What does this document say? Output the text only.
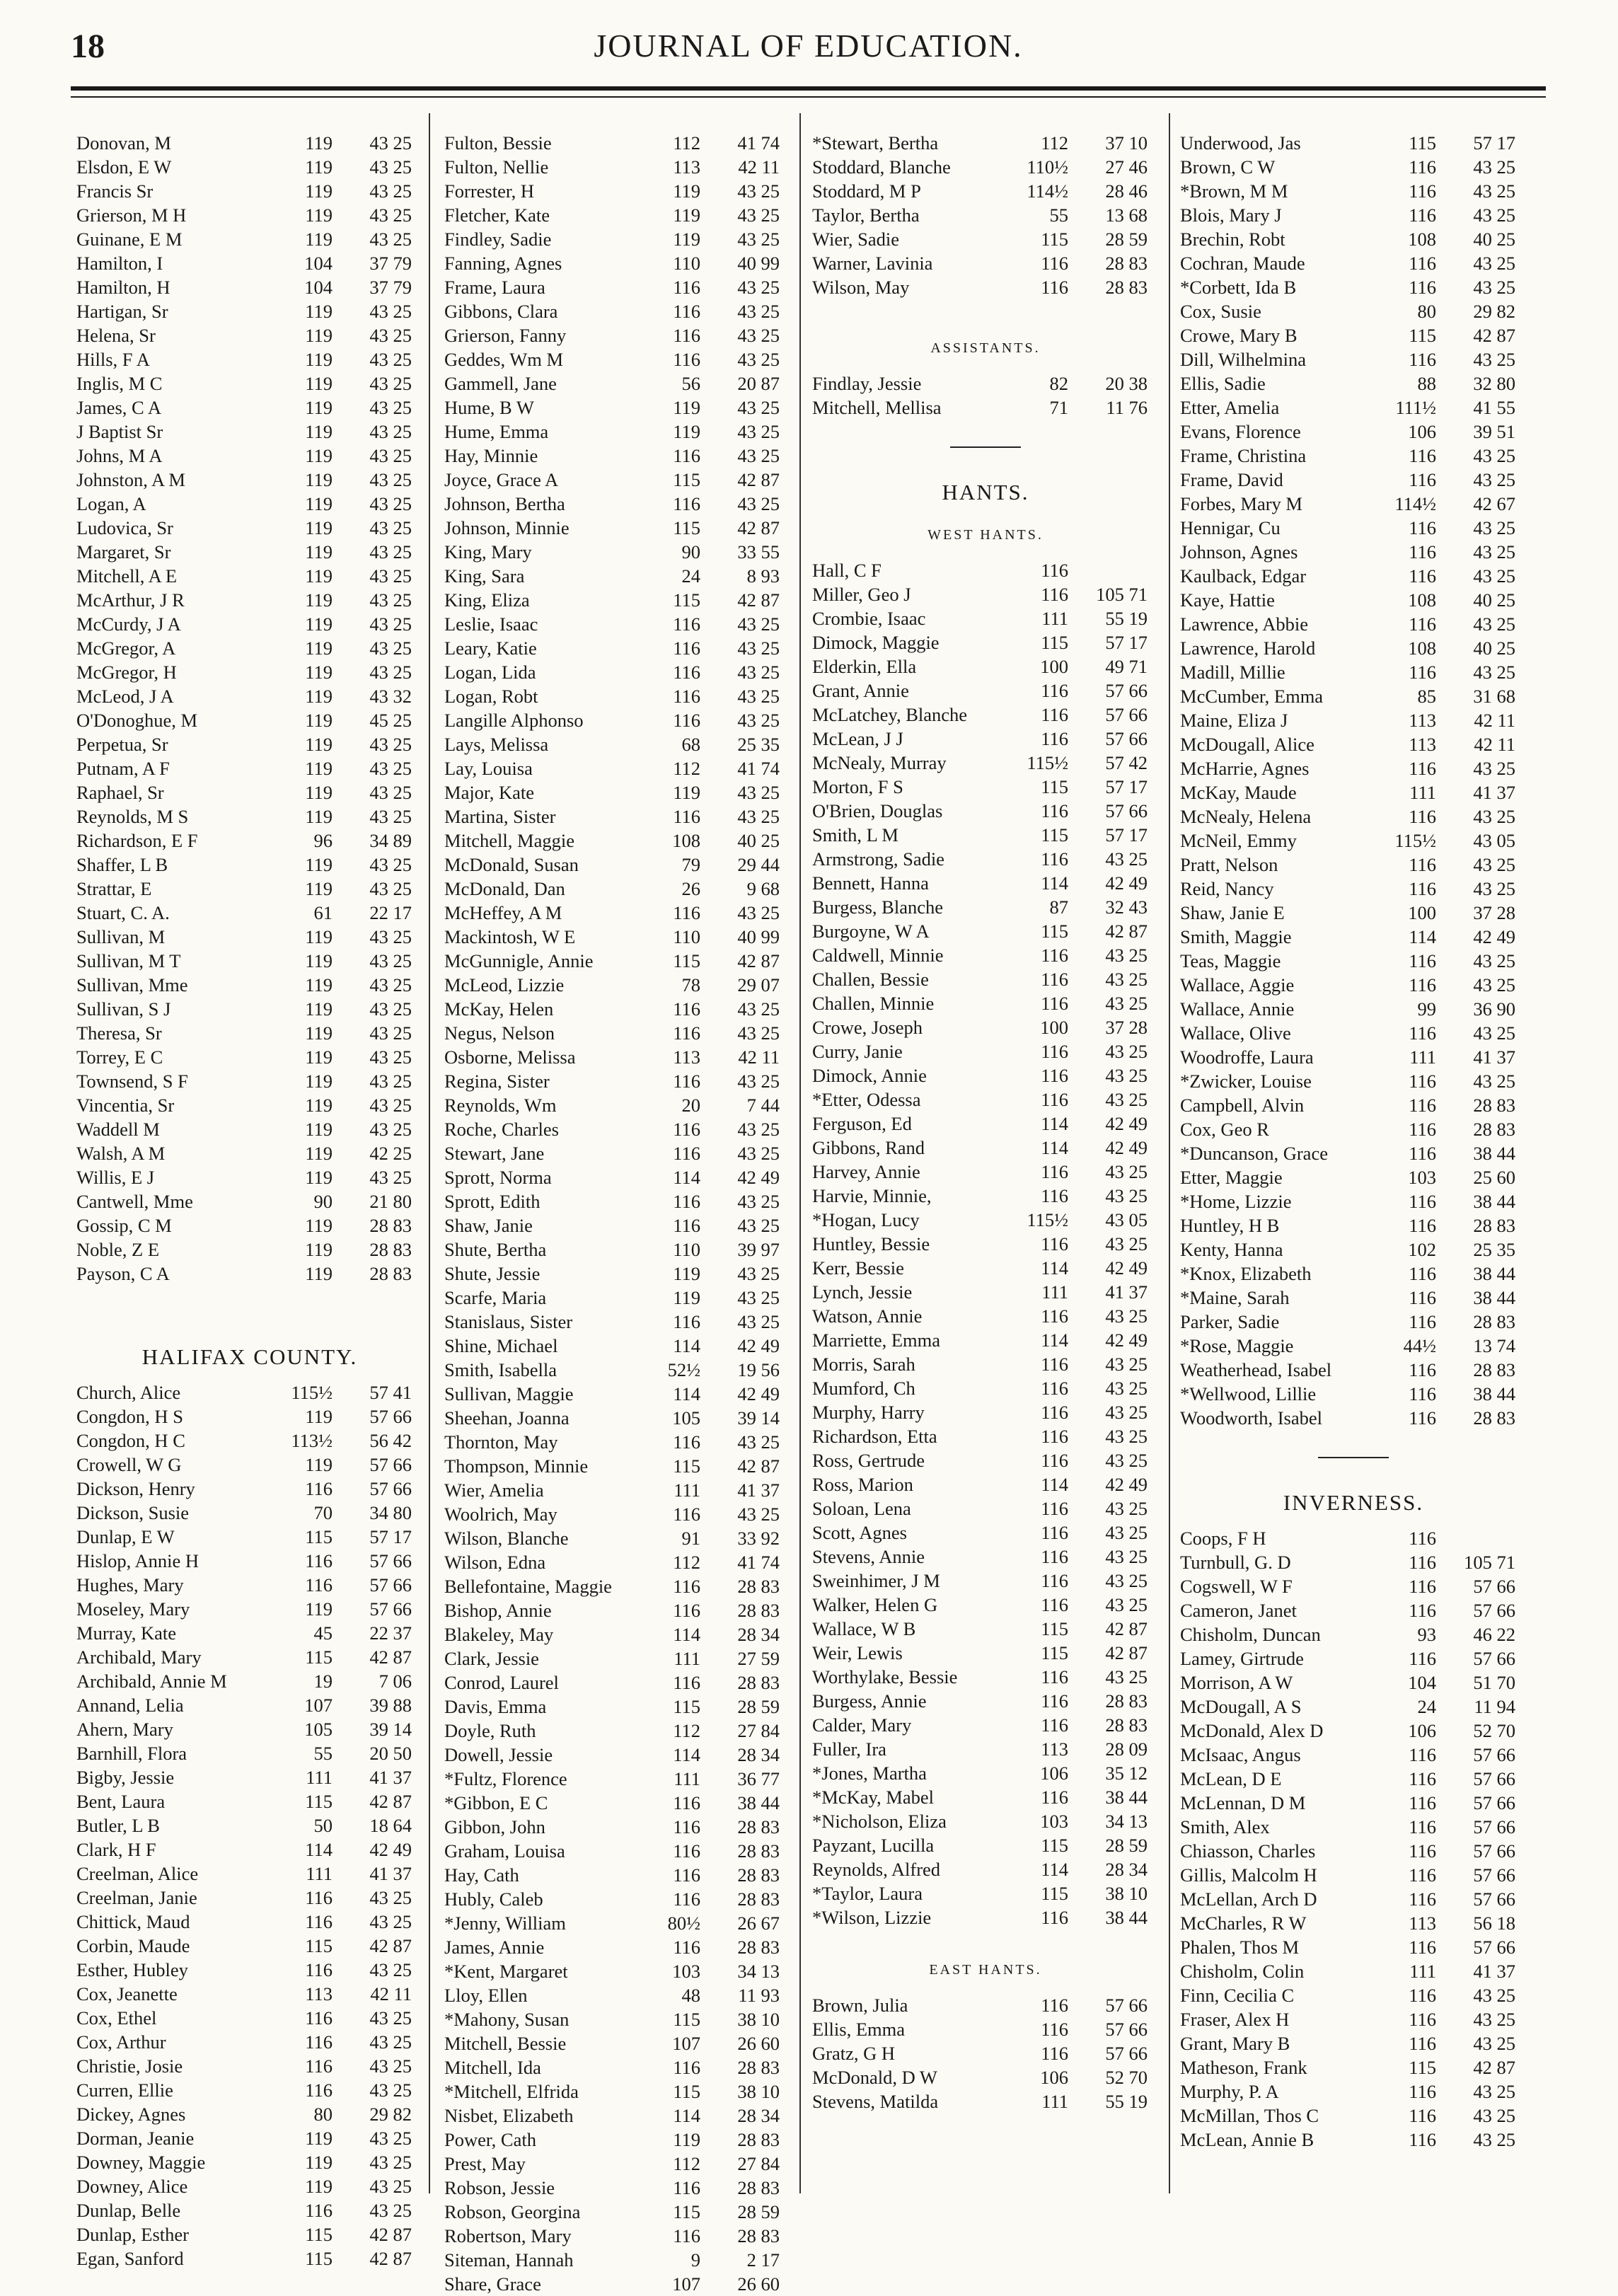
18	JOURNAL OF EDUCATION.
Donovan, M	119	43 25
Elsdon, E W	119	43 25
Francis Sr	119	43 25
Grierson, M H	119	43 25
Guinane, E M	119	43 25
Hamilton, I	104	37 79
Hamilton, H	104	37 79
Hartigan, Sr	119	43 25
Helena, Sr	119	43 25
Hills, F A	119	43 25
Inglis, M C	119	43 25
James, C A	119	43 25
J Baptist Sr	119	43 25
Johns, M A	119	43 25
Johnston, A M	119	43 25
Logan, A	119	43 25
Ludovica, Sr	119	43 25
Margaret, Sr	119	43 25
Mitchell, A E	119	43 25
McArthur, J R	119	43 25
McCurdy, J A	119	43 25
McGregor, A	119	43 25
McGregor, H	119	43 25
McLeod, J A	119	43 32
O'Donoghue, M	119	45 25
Perpetua, Sr	119	43 25
Putnam, A F	119	43 25
Raphael, Sr	119	43 25
Reynolds, M S	119	43 25
Richardson, E F	96	34 89
Shaffer, L B	119	43 25
Strattar, E	119	43 25
Stuart, C. A.	61	22 17
Sullivan, M	119	43 25
Sullivan, M T	119	43 25
Sullivan, Mme	119	43 25
Sullivan, S J	119	43 25
Theresa, Sr	119	43 25
Torrey, E C	119	43 25
Townsend, S F	119	43 25
Vincentia, Sr	119	43 25
Waddell M	119	43 25
Walsh, A M	119	42 25
Willis, E J	119	43 25
Cantwell, Mme	90	21 80
Gossip, C M	119	28 83
Noble, Z E	119	28 83
Payson, C A	119	28 83
HALIFAX COUNTY.
Church, Alice	115½	57 41
Congdon, H S	119	57 66
Congdon, H C	113½	56 42
Crowell, W G	119	57 66
Dickson, Henry	116	57 66
Dickson, Susie	70	34 80
Dunlap, E W	115	57 17
Hislop, Annie H	116	57 66
Hughes, Mary	116	57 66
Moseley, Mary	119	57 66
Murray, Kate	45	22 37
Archibald, Mary	115	42 87
Archibald, Annie M	19	7 06
Annand, Lelia	107	39 88
Ahern, Mary	105	39 14
Barnhill, Flora	55	20 50
Bigby, Jessie	111	41 37
Bent, Laura	115	42 87
Butler, L B	50	18 64
Clark, H F	114	42 49
Creelman, Alice	111	41 37
Creelman, Janie	116	43 25
Chittick, Maud	116	43 25
Corbin, Maude	115	42 87
Esther, Hubley	116	43 25
Cox, Jeanette	113	42 11
Cox, Ethel	116	43 25
Cox, Arthur	116	43 25
Christie, Josie	116	43 25
Curren, Ellie	116	43 25
Dickey, Agnes	80	29 82
Dorman, Jeanie	119	43 25
Downey, Maggie	119	43 25
Downey, Alice	119	43 25
Dunlap, Belle	116	43 25
Dunlap, Esther	115	42 87
Egan, Sanford	115	42 87
Fulton, Bessie	112	41 74
Fulton, Nellie	113	42 11
Forrester, H	119	43 25
Fletcher, Kate	119	43 25
Findley, Sadie	119	43 25
Fanning, Agnes	110	40 99
Frame, Laura	116	43 25
Gibbons, Clara	116	43 25
Grierson, Fanny	116	43 25
Geddes, Wm M	116	43 25
Gammell, Jane	56	20 87
Hume, B W	119	43 25
Hume, Emma	119	43 25
Hay, Minnie	116	43 25
Joyce, Grace A	115	42 87
Johnson, Bertha	116	43 25
Johnson, Minnie	115	42 87
King, Mary	90	33 55
King, Sara	24	8 93
King, Eliza	115	42 87
Leslie, Isaac	116	43 25
Leary, Katie	116	43 25
Logan, Lida	116	43 25
Logan, Robt	116	43 25
Langille Alphonso	116	43 25
Lays, Melissa	68	25 35
Lay, Louisa	112	41 74
Major, Kate	119	43 25
Martina, Sister	116	43 25
Mitchell, Maggie	108	40 25
McDonald, Susan	79	29 44
McDonald, Dan	26	9 68
McHeffey, A M	116	43 25
Mackintosh, W E	110	40 99
McGunnigle, Annie	115	42 87
McLeod, Lizzie	78	29 07
McKay, Helen	116	43 25
Negus, Nelson	116	43 25
Osborne, Melissa	113	42 11
Regina, Sister	116	43 25
Reynolds, Wm	20	7 44
Roche, Charles	116	43 25
Stewart, Jane	116	43 25
Sprott, Norma	114	42 49
Sprott, Edith	116	43 25
Shaw, Janie	116	43 25
Shute, Bertha	110	39 97
Shute, Jessie	119	43 25
Scarfe, Maria	119	43 25
Stanislaus, Sister	116	43 25
Shine, Michael	114	42 49
Smith, Isabella	52½	19 56
Sullivan, Maggie	114	42 49
Sheehan, Joanna	105	39 14
Thornton, May	116	43 25
Thompson, Minnie	115	42 87
Wier, Amelia	111	41 37
Woolrich, May	116	43 25
Wilson, Blanche	91	33 92
Wilson, Edna	112	41 74
Bellefontaine, Maggie	116	28 83
Bishop, Annie	116	28 83
Blakeley, May	114	28 34
Clark, Jessie	111	27 59
Conrod, Laurel	116	28 83
Davis, Emma	115	28 59
Doyle, Ruth	112	27 84
Dowell, Jessie	114	28 34
*Fultz, Florence	111	36 77
*Gibbon, E C	116	38 44
Gibbon, John	116	28 83
Graham, Louisa	116	28 83
Hay, Cath	116	28 83
Hubly, Caleb	116	28 83
*Jenny, William	80½	26 67
James, Annie	116	28 83
*Kent, Margaret	103	34 13
Lloy, Ellen	48	11 93
*Mahony, Susan	115	38 10
Mitchell, Bessie	107	26 60
Mitchell, Ida	116	28 83
*Mitchell, Elfrida	115	38 10
Nisbet, Elizabeth	114	28 34
Power, Cath	119	28 83
Prest, May	112	27 84
Robson, Jessie	116	28 83
Robson, Georgina	115	28 59
Robertson, Mary	116	28 83
Siteman, Hannah	9	2 17
Share, Grace	107	26 60
*Stewart, Bertha	112	37 10
Stoddard, Blanche	110½	27 46
Stoddard, M P	114½	28 46
Taylor, Bertha	55	13 68
Wier, Sadie	115	28 59
Warner, Lavinia	116	28 83
Wilson, May	116	28 83
ASSISTANTS.
Findlay, Jessie	82	20 38
Mitchell, Mellisa	71	11 76
HANTS.
WEST HANTS.
Hall, C F	116
Miller, Geo J	116	105 71
Crombie, Isaac	111	55 19
Dimock, Maggie	115	57 17
Elderkin, Ella	100	49 71
Grant, Annie	116	57 66
McLatchey, Blanche	116	57 66
McLean, J J	116	57 66
McNealy, Murray	115½	57 42
Morton, F S	115	57 17
O'Brien, Douglas	116	57 66
Smith, L M	115	57 17
Armstrong, Sadie	116	43 25
Bennett, Hanna	114	42 49
Burgess, Blanche	87	32 43
Burgoyne, W A	115	42 87
Caldwell, Minnie	116	43 25
Challen, Bessie	116	43 25
Challen, Minnie	116	43 25
Crowe, Joseph	100	37 28
Curry, Janie	116	43 25
Dimock, Annie	116	43 25
*Etter, Odessa	116	43 25
Ferguson, Ed	114	42 49
Gibbons, Rand	114	42 49
Harvey, Annie	116	43 25
Harvie, Minnie,	116	43 25
*Hogan, Lucy	115½	43 05
Huntley, Bessie	116	43 25
Kerr, Bessie	114	42 49
Lynch, Jessie	111	41 37
Watson, Annie	116	43 25
Marriette, Emma	114	42 49
Morris, Sarah	116	43 25
Mumford, Ch	116	43 25
Murphy, Harry	116	43 25
Richardson, Etta	116	43 25
Ross, Gertrude	116	43 25
Ross, Marion	114	42 49
Soloan, Lena	116	43 25
Scott, Agnes	116	43 25
Stevens, Annie	116	43 25
Sweinhimer, J M	116	43 25
Walker, Helen G	116	43 25
Wallace, W B	115	42 87
Weir, Lewis	115	42 87
Worthylake, Bessie	116	43 25
Burgess, Annie	116	28 83
Calder, Mary	116	28 83
Fuller, Ira	113	28 09
*Jones, Martha	106	35 12
*McKay, Mabel	116	38 44
*Nicholson, Eliza	103	34 13
Payzant, Lucilla	115	28 59
Reynolds, Alfred	114	28 34
*Taylor, Laura	115	38 10
*Wilson, Lizzie	116	38 44
EAST HANTS.
Brown, Julia	116	57 66
Ellis, Emma	116	57 66
Gratz, G H	116	57 66
McDonald, D W	106	52 70
Stevens, Matilda	111	55 19
Underwood, Jas	115	57 17
Brown, C W	116	43 25
*Brown, M M	116	43 25
Blois, Mary J	116	43 25
Brechin, Robt	108	40 25
Cochran, Maude	116	43 25
*Corbett, Ida B	116	43 25
Cox, Susie	80	29 82
Crowe, Mary B	115	42 87
Dill, Wilhelmina	116	43 25
Ellis, Sadie	88	32 80
Etter, Amelia	111½	41 55
Evans, Florence	106	39 51
Frame, Christina	116	43 25
Frame, David	116	43 25
Forbes, Mary M	114½	42 67
Hennigar, Cu	116	43 25
Johnson, Agnes	116	43 25
Kaulback, Edgar	116	43 25
Kaye, Hattie	108	40 25
Lawrence, Abbie	116	43 25
Lawrence, Harold	108	40 25
Madill, Millie	116	43 25
McCumber, Emma	85	31 68
Maine, Eliza J	113	42 11
McDougall, Alice	113	42 11
McHarrie, Agnes	116	43 25
McKay, Maude	111	41 37
McNealy, Helena	116	43 25
McNeil, Emmy	115½	43 05
Pratt, Nelson	116	43 25
Reid, Nancy	116	43 25
Shaw, Janie E	100	37 28
Smith, Maggie	114	42 49
Teas, Maggie	116	43 25
Wallace, Aggie	116	43 25
Wallace, Annie	99	36 90
Wallace, Olive	116	43 25
Woodroffe, Laura	111	41 37
*Zwicker, Louise	116	43 25
Campbell, Alvin	116	28 83
Cox, Geo R	116	28 83
*Duncanson, Grace	116	38 44
Etter, Maggie	103	25 60
*Home, Lizzie	116	38 44
Huntley, H B	116	28 83
Kenty, Hanna	102	25 35
*Knox, Elizabeth	116	38 44
*Maine, Sarah	116	38 44
Parker, Sadie	116	28 83
*Rose, Maggie	44½	13 74
Weatherhead, Isabel	116	28 83
*Wellwood, Lillie	116	38 44
Woodworth, Isabel	116	28 83
INVERNESS.
Coops, F H	116
Turnbull, G. D	116	105 71
Cogswell, W F	116	57 66
Cameron, Janet	116	57 66
Chisholm, Duncan	93	46 22
Lamey, Girtrude	116	57 66
Morrison, A W	104	51 70
McDougall, A S	24	11 94
McDonald, Alex D	106	52 70
McIsaac, Angus	116	57 66
McLean, D E	116	57 66
McLennan, D M	116	57 66
Smith, Alex	116	57 66
Chiasson, Charles	116	57 66
Gillis, Malcolm H	116	57 66
McLellan, Arch D	116	57 66
McCharles, R W	113	56 18
Phalen, Thos M	116	57 66
Chisholm, Colin	111	41 37
Finn, Cecilia C	116	43 25
Fraser, Alex H	116	43 25
Grant, Mary B	116	43 25
Matheson, Frank	115	42 87
Murphy, P. A	116	43 25
McMillan, Thos C	116	43 25
McLean, Annie B	116	43 25
